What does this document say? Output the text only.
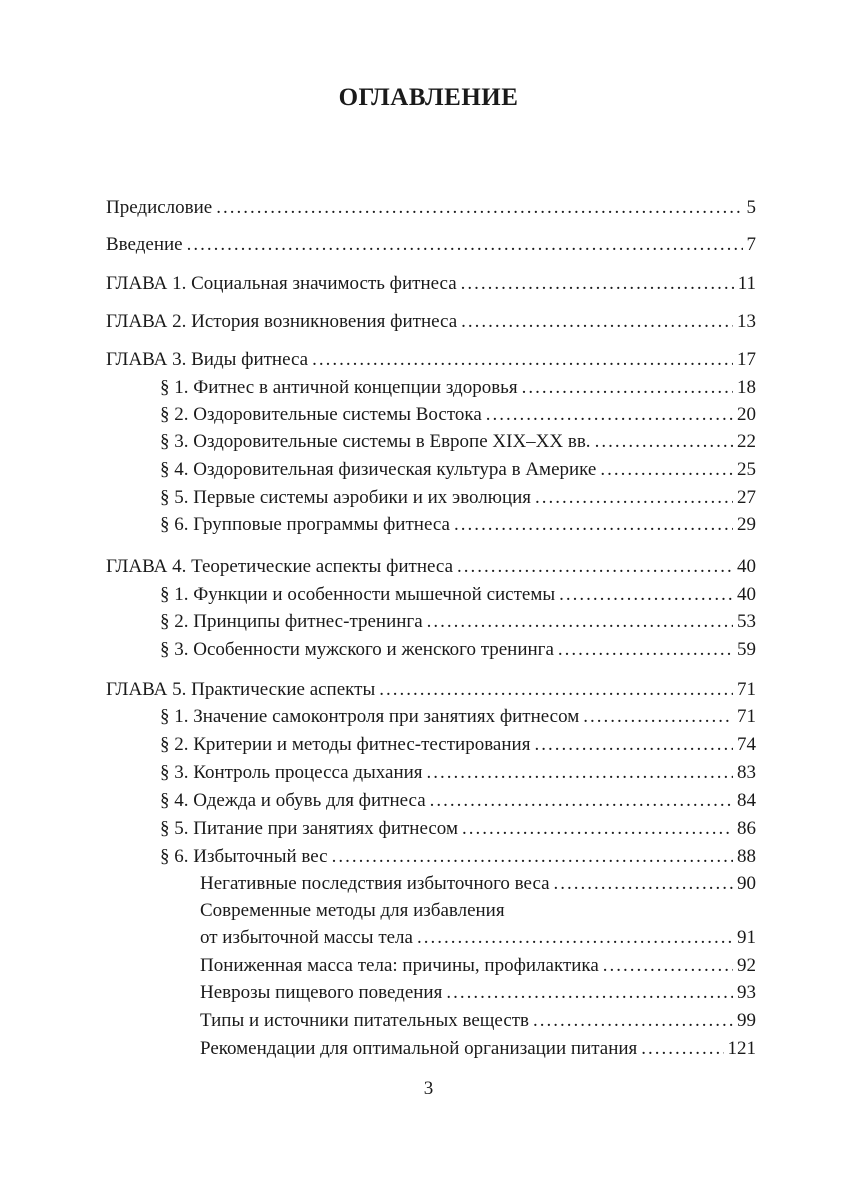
ОГЛАВЛЕНИЕ
Предисловие .....	5
Введение .....	7
ГЛАВА 1. Социальная значимость фитнеса .....	11
ГЛАВА 2. История возникновения фитнеса .....	13
ГЛАВА 3. Виды фитнеса .....	17
§ 1. Фитнес в античной концепции здоровья .....	18
§ 2. Оздоровительные системы Востока .....	20
§ 3. Оздоровительные системы в Европе XIX–XX вв. .....	22
§ 4. Оздоровительная физическая культура в Америке .....	25
§ 5. Первые системы аэробики и их эволюция .....	27
§ 6. Групповые программы фитнеса .....	29
ГЛАВА 4. Теоретические аспекты фитнеса .....	40
§ 1. Функции и особенности мышечной системы .....	40
§ 2. Принципы фитнес-тренинга .....	53
§ 3. Особенности мужского и женского тренинга .....	59
ГЛАВА 5. Практические аспекты .....	71
§ 1. Значение самоконтроля при занятиях фитнесом .....	71
§ 2. Критерии и методы фитнес-тестирования .....	74
§ 3. Контроль процесса дыхания .....	83
§ 4. Одежда и обувь для фитнеса .....	84
§ 5. Питание при занятиях фитнесом .....	86
§ 6. Избыточный вес .....	88
Негативные последствия избыточного веса .....	90
Современные методы для избавления
от избыточной массы тела .....	91
Пониженная масса тела: причины, профилактика .....	92
Неврозы пищевого поведения .....	93
Типы и источники питательных веществ .....	99
Рекомендации для оптимальной организации питания .....	121
3
